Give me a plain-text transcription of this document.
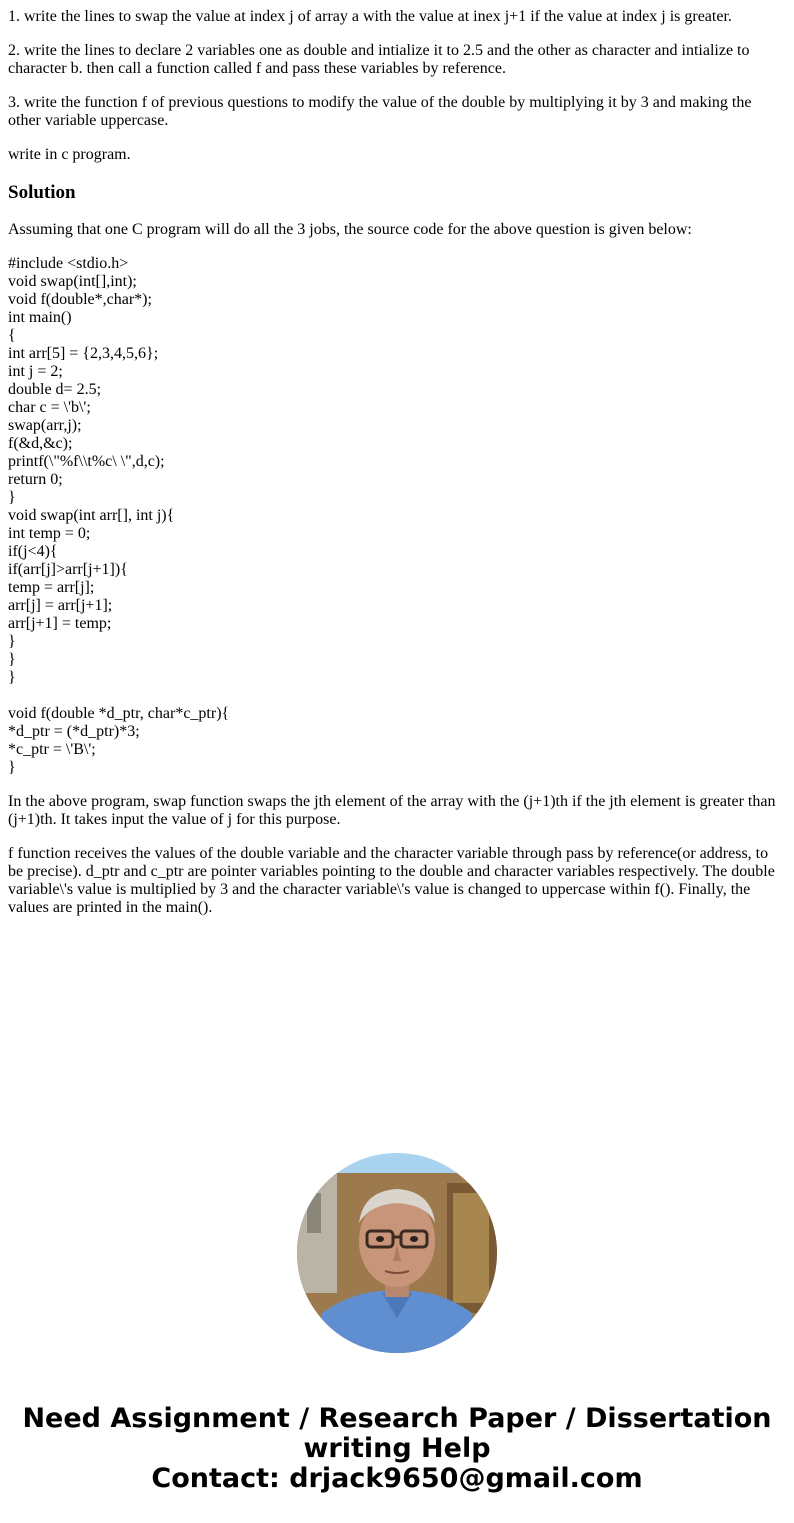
1. write the lines to swap the value at index j of array a with the value at inex j+1 if the value at index j is greater.

2. write the lines to declare 2 variables one as double and intialize it to 2.5 and the other as character and intialize to character b. then call a function called f and pass these variables by reference.

3. write the function f of previous questions to modify the value of the double by multiplying it by 3 and making the other variable uppercase.

write in c program.

Solution

Assuming that one C program will do all the 3 jobs, the source code for the above question is given below:

#include <stdio.h>
void swap(int[],int);
void f(double*,char*);
int main()
{
int arr[5] = {2,3,4,5,6};
int j = 2;
double d= 2.5;
char c = \'b\';
swap(arr,j);
f(&d,&c);
printf(\"%f\\t%c\ \",d,c);
return 0;
}
void swap(int arr[], int j){
int temp = 0;
if(j<4){
if(arr[j]>arr[j+1]){
temp = arr[j];
arr[j] = arr[j+1];
arr[j+1] = temp;
}
}
}
void f(double *d_ptr, char*c_ptr){
*d_ptr = (*d_ptr)*3;
*c_ptr = \'B\';
}

In the above program, swap function swaps the jth element of the array with the (j+1)th if the jth element is greater than (j+1)th. It takes input the value of j for this purpose.

f function receives the values of the double variable and the character variable through pass by reference(or address, to be precise). d_ptr and c_ptr are pointer variables pointing to the double and character variables respectively. The double variable\'s value is multiplied by 3 and the character variable\'s value is changed to uppercase within f(). Finally, the values are printed in the main().

Need Assignment / Research Paper / Dissertation
writing Help
Contact: drjack9650@gmail.com
